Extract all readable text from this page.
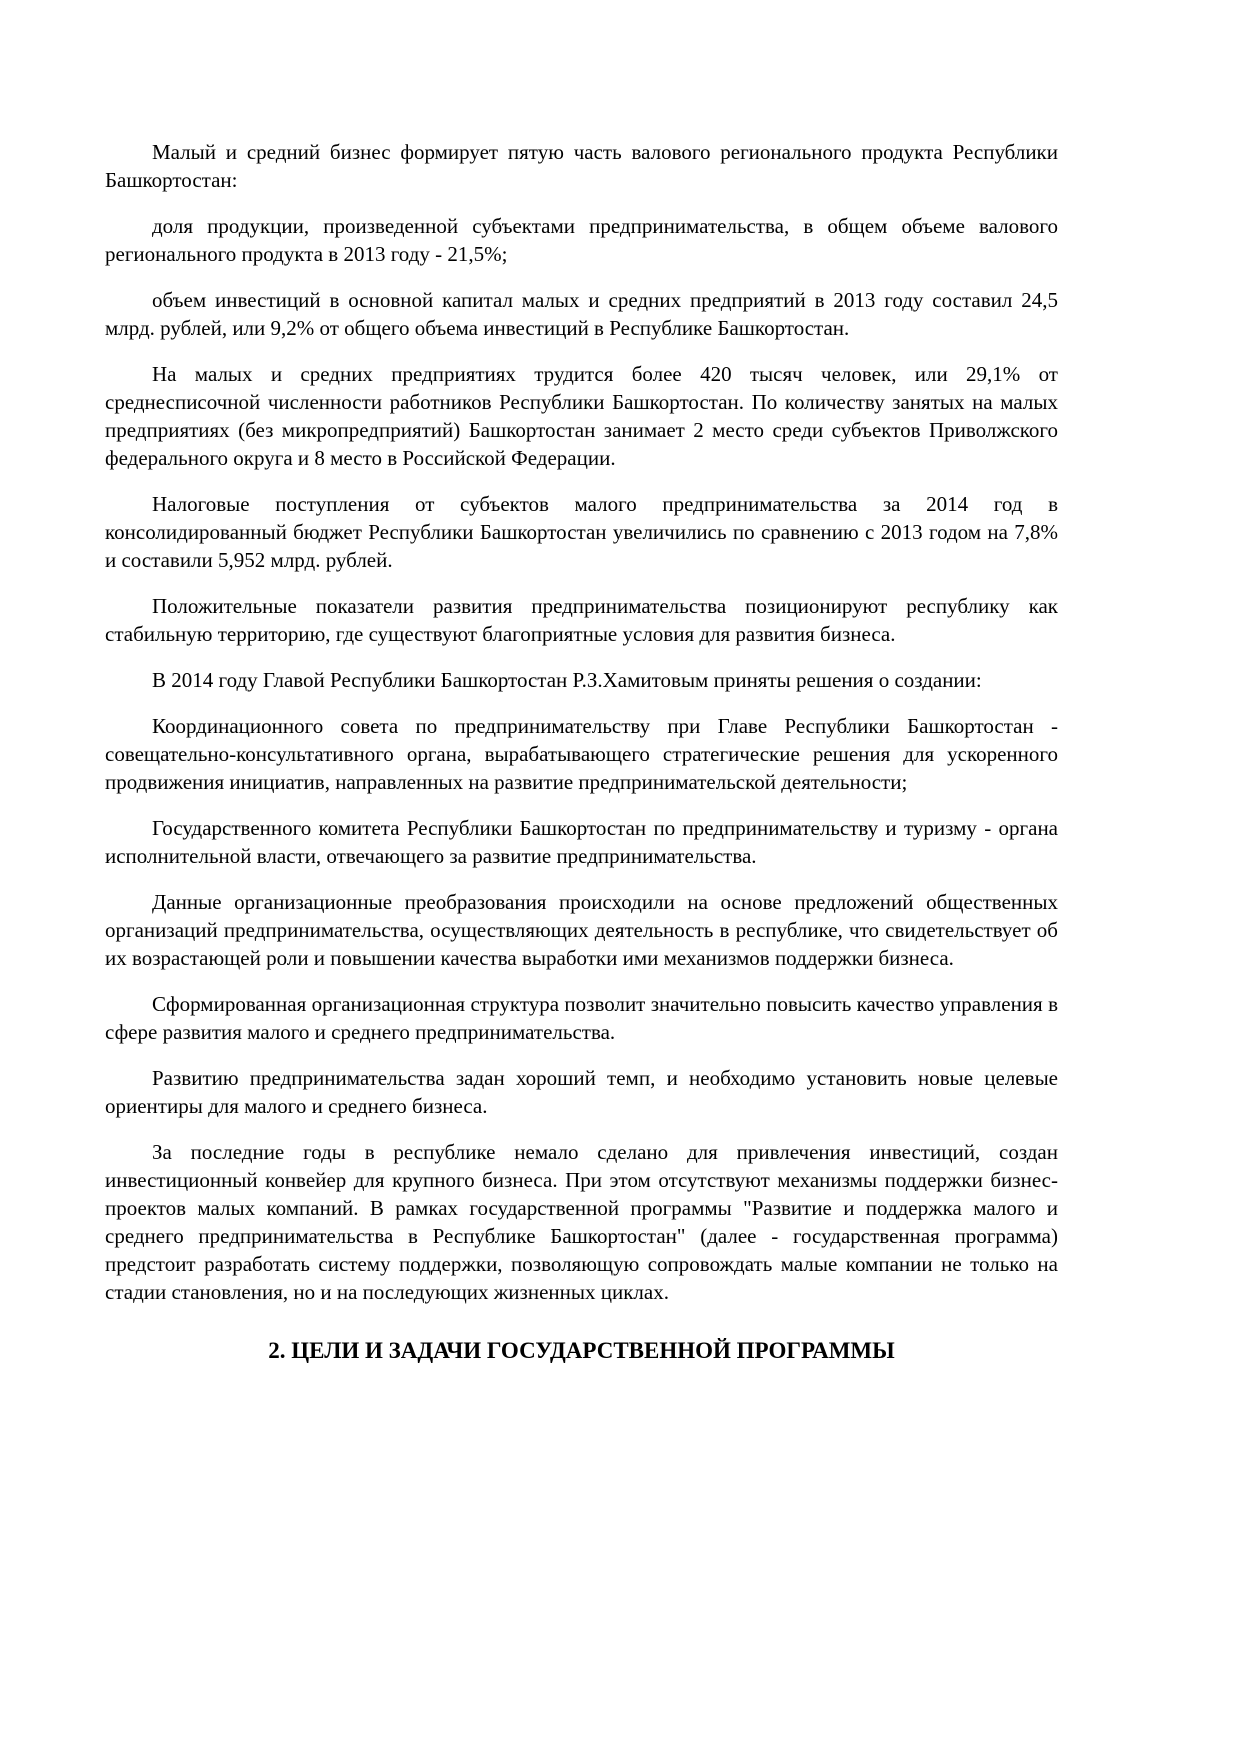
Малый и средний бизнес формирует пятую часть валового регионального продукта Республики Башкортостан:

доля продукции, произведенной субъектами предпринимательства, в общем объеме валового регионального продукта в 2013 году - 21,5%;

объем инвестиций в основной капитал малых и средних предприятий в 2013 году составил 24,5 млрд. рублей, или 9,2% от общего объема инвестиций в Республике Башкортостан.

На малых и средних предприятиях трудится более 420 тысяч человек, или 29,1% от среднесписочной численности работников Республики Башкортостан. По количеству занятых на малых предприятиях (без микропредприятий) Башкортостан занимает 2 место среди субъектов Приволжского федерального округа и 8 место в Российской Федерации.

Налоговые поступления от субъектов малого предпринимательства за 2014 год в консолидированный бюджет Республики Башкортостан увеличились по сравнению с 2013 годом на 7,8% и составили 5,952 млрд. рублей.

Положительные показатели развития предпринимательства позиционируют республику как стабильную территорию, где существуют благоприятные условия для развития бизнеса.

В 2014 году Главой Республики Башкортостан Р.З.Хамитовым приняты решения о создании:

Координационного совета по предпринимательству при Главе Республики Башкортостан - совещательно-консультативного органа, вырабатывающего стратегические решения для ускоренного продвижения инициатив, направленных на развитие предпринимательской деятельности;

Государственного комитета Республики Башкортостан по предпринимательству и туризму - органа исполнительной власти, отвечающего за развитие предпринимательства.

Данные организационные преобразования происходили на основе предложений общественных организаций предпринимательства, осуществляющих деятельность в республике, что свидетельствует об их возрастающей роли и повышении качества выработки ими механизмов поддержки бизнеса.

Сформированная организационная структура позволит значительно повысить качество управления в сфере развития малого и среднего предпринимательства.

Развитию предпринимательства задан хороший темп, и необходимо установить новые целевые ориентиры для малого и среднего бизнеса.

За последние годы в республике немало сделано для привлечения инвестиций, создан инвестиционный конвейер для крупного бизнеса. При этом отсутствуют механизмы поддержки бизнес-проектов малых компаний. В рамках государственной программы "Развитие и поддержка малого и среднего предпринимательства в Республике Башкортостан" (далее - государственная программа) предстоит разработать систему поддержки, позволяющую сопровождать малые компании не только на стадии становления, но и на последующих жизненных циклах.

2. ЦЕЛИ И ЗАДАЧИ ГОСУДАРСТВЕННОЙ ПРОГРАММЫ
